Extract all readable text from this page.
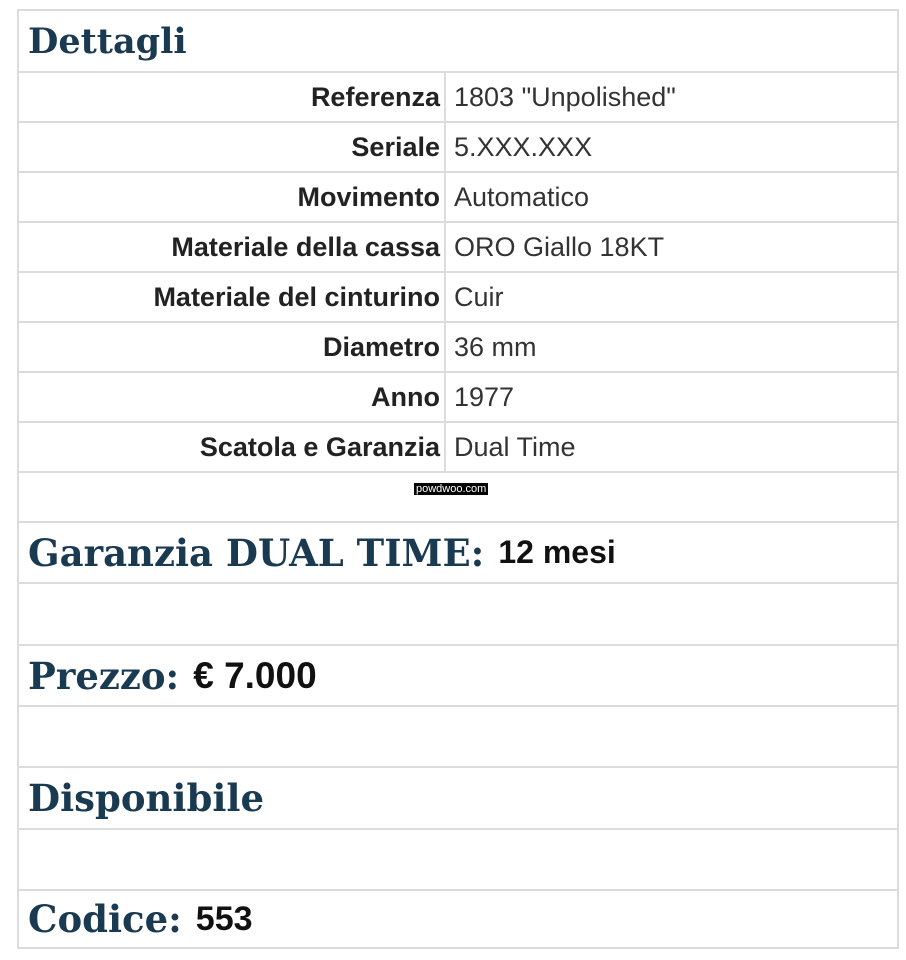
Dettagli
Referenza 1803 "Unpolished"
Seriale 5.XXX.XXX
Movimento Automatico
Materiale della cassa ORO Giallo 18KT
Materiale del cinturino Cuir
Diametro 36 mm
Anno 1977
Scatola e Garanzia Dual Time
powdwoo.com
Garanzia DUAL TIME: 12 mesi
Prezzo: € 7.000
Disponibile
Codice: 553
